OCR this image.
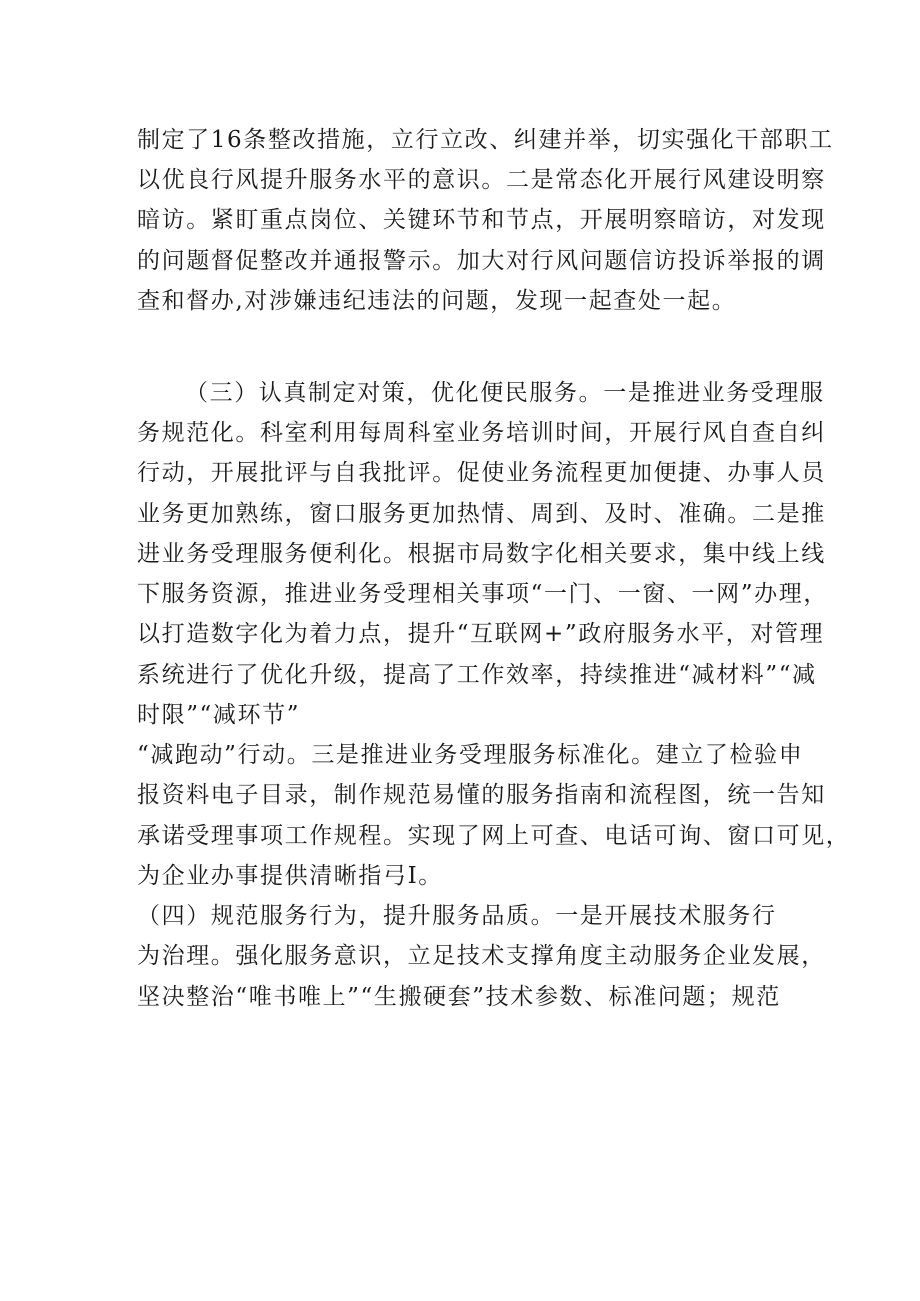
制定了16条整改措施，立行立改、纠建并举，切实强化干部职工
以优良行风提升服务水平的意识。二是常态化开展行风建设明察
暗访。紧盯重点岗位、关键环节和节点，开展明察暗访，对发现
的问题督促整改并通报警示。加大对行风问题信访投诉举报的调
查和督办,对涉嫌违纪违法的问题，发现一起查处一起。
（三）认真制定对策，优化便民服务。一是推进业务受理服
务规范化。科室利用每周科室业务培训时间，开展行风自查自纠
行动，开展批评与自我批评。促使业务流程更加便捷、办事人员
业务更加熟练，窗口服务更加热情、周到、及时、准确。二是推
进业务受理服务便利化。根据市局数字化相关要求，集中线上线
下服务资源，推进业务受理相关事项“一门、一窗、一网”办理，
以打造数字化为着力点，提升“互联网+”政府服务水平，对管理
系统进行了优化升级，提高了工作效率，持续推进“减材料”“减
时限”“减环节”
“减跑动”行动。三是推进业务受理服务标准化。建立了检验申
报资料电子目录，制作规范易懂的服务指南和流程图，统一告知
承诺受理事项工作规程。实现了网上可查、电话可询、窗口可见，
为企业办事提供清晰指弓I。
（四）规范服务行为，提升服务品质。一是开展技术服务行
为治理。强化服务意识，立足技术支撑角度主动服务企业发展，
坚决整治“唯书唯上”“生搬硬套”技术参数、标准问题；规范
